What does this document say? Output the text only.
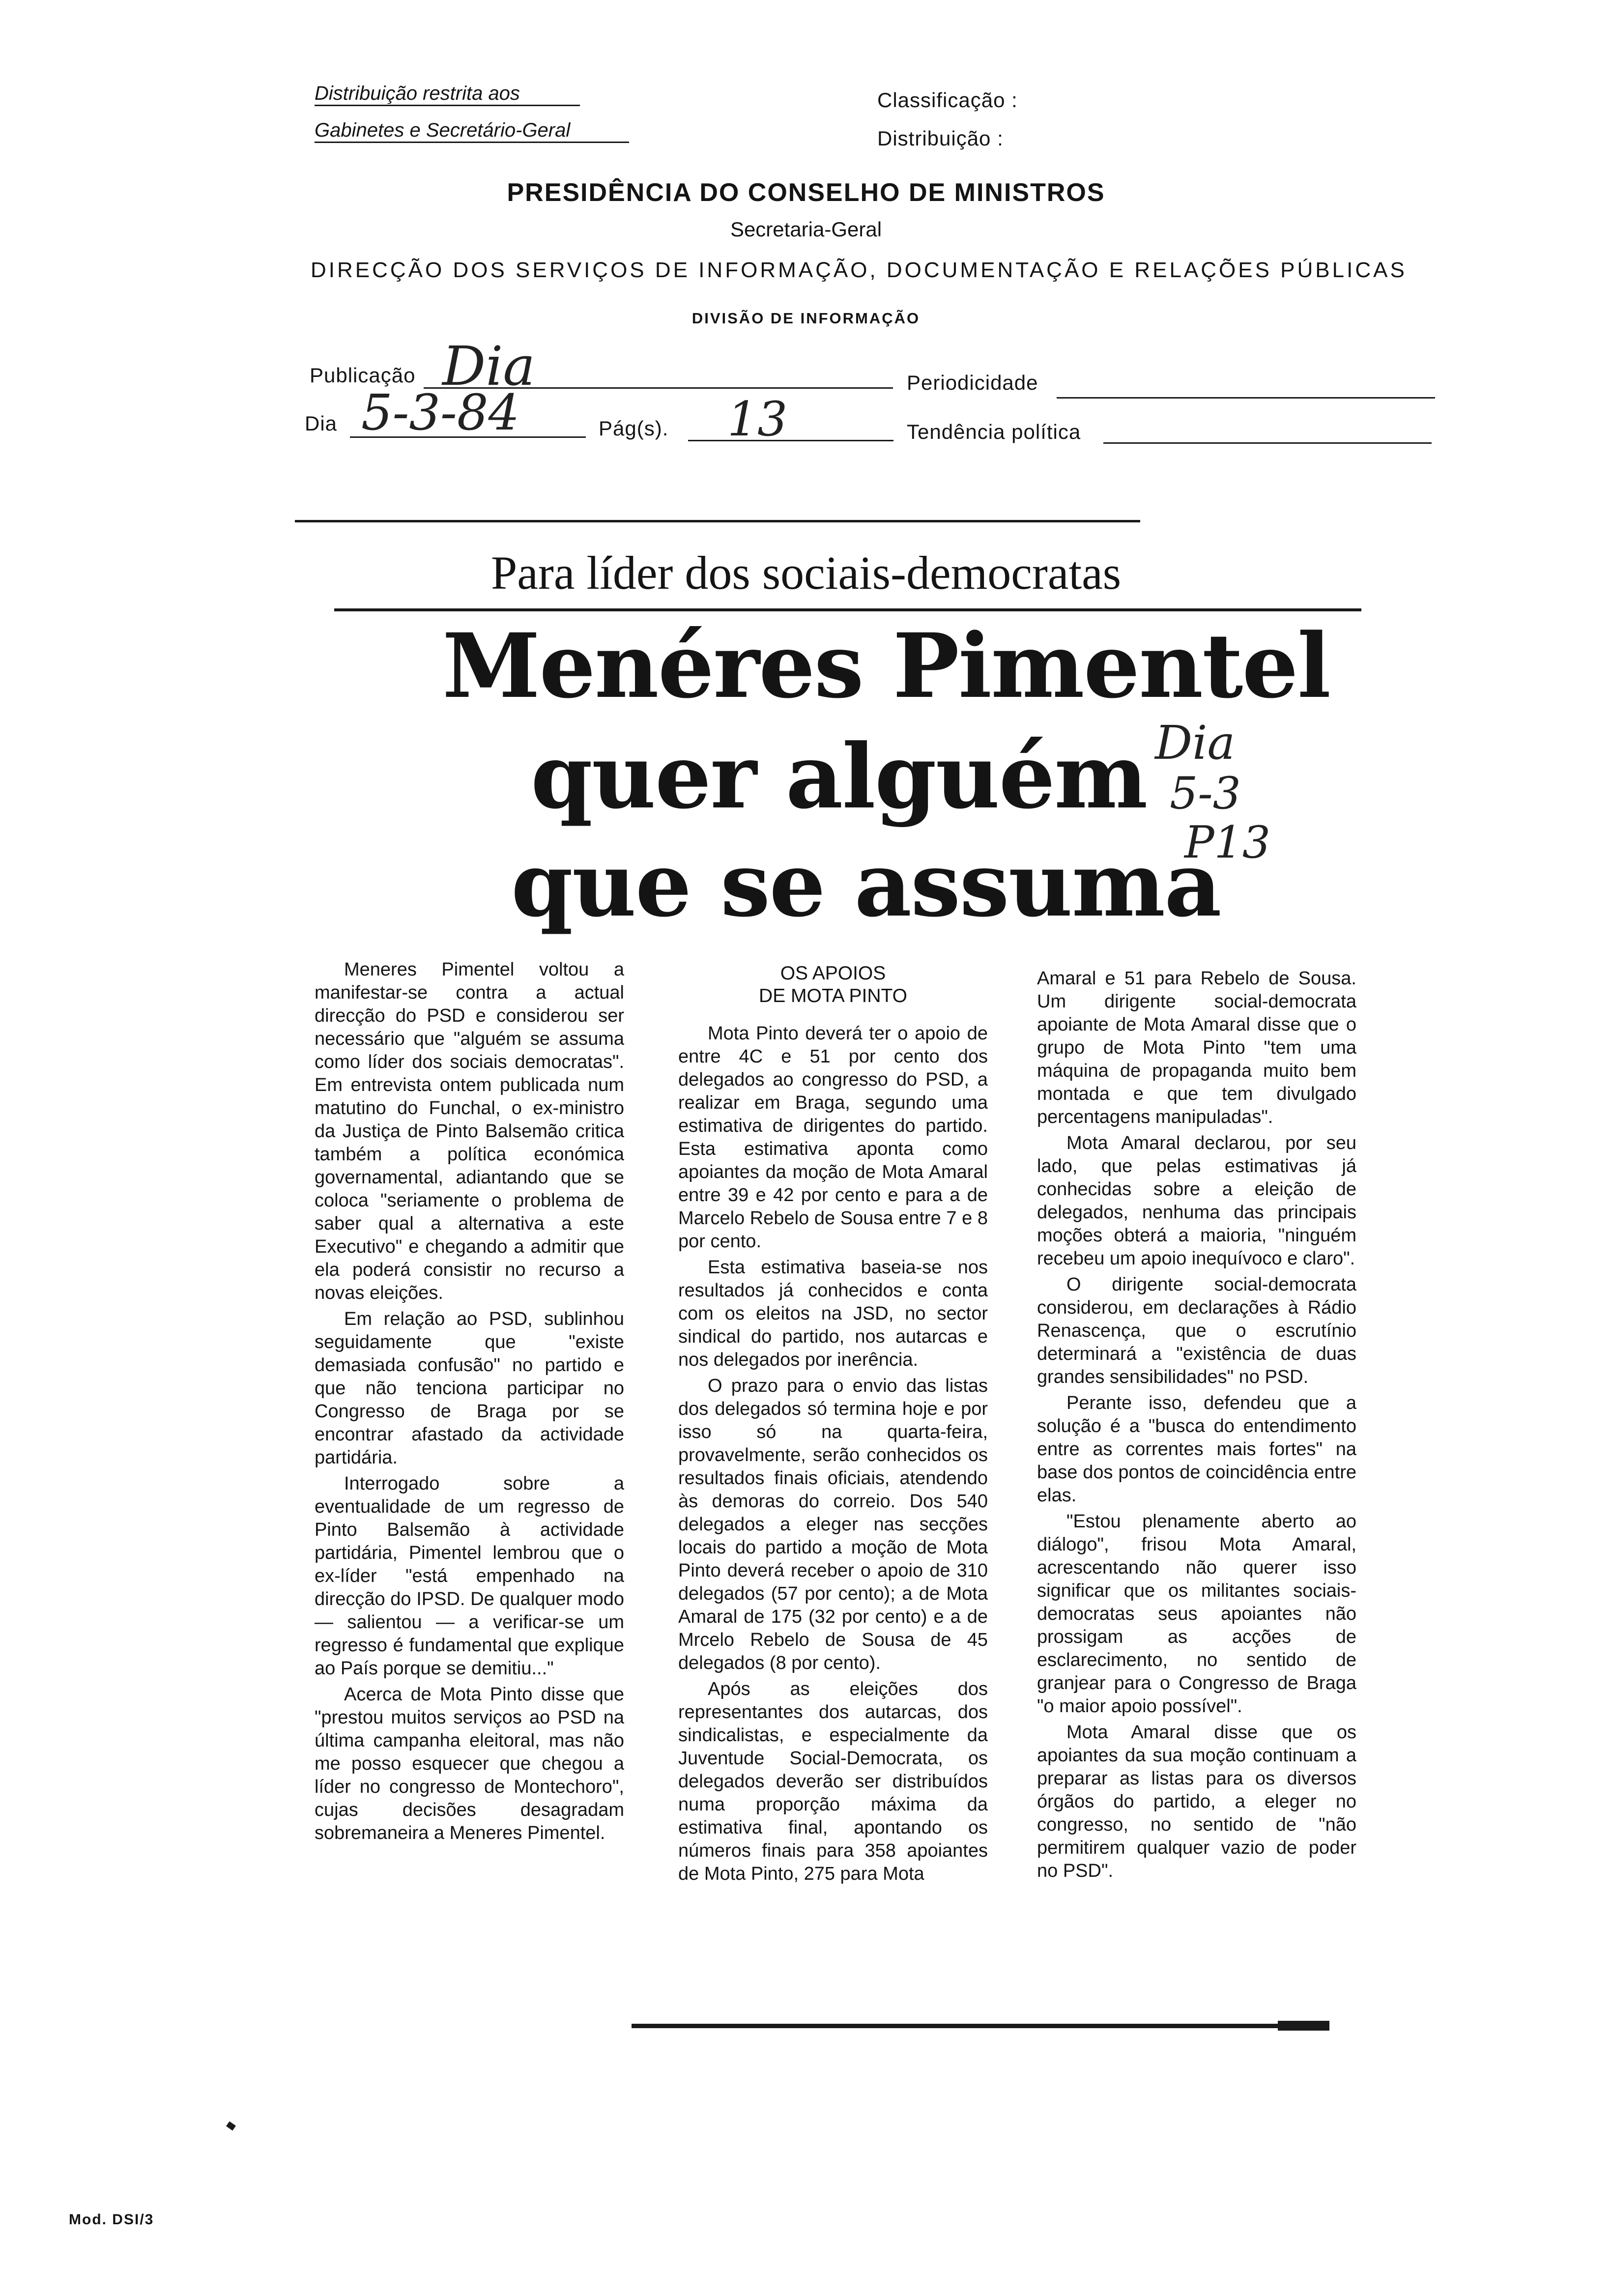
Distribuição restrita aos
Gabinetes e Secretário-Geral
Classificação :
Distribuição :
PRESIDÊNCIA DO CONSELHO DE MINISTROS
Secretaria-Geral
DIRECÇÃO DOS SERVIÇOS DE INFORMAÇÃO, DOCUMENTAÇÃO E RELAÇÕES PÚBLICAS
DIVISÃO DE INFORMAÇÃO
Publicação Dia	Periodicidade
Dia 5-3-84	Pág(s). 13	Tendência política
Para líder dos sociais-democratas
Menéres Pimentel
quer alguém
que se assuma
Dia
5-3
P13

Meneres Pimentel voltou a manifestar-se contra a actual direcção do PSD e considerou ser necessário que "alguém se assuma como líder dos sociais democratas". Em entrevista ontem publicada num matutino do Funchal, o ex-ministro da Justiça de Pinto Balsemão critica também a política económica governamental, adiantando que se coloca "seriamente o problema de saber qual a alternativa a este Executivo" e chegando a admitir que ela poderá consistir no recurso a novas eleições.

Em relação ao PSD, sublinhou seguidamente que "existe demasiada confusão" no partido e que não tenciona participar no Congresso de Braga por se encontrar afastado da actividade partidária.

Interrogado sobre a eventualidade de um regresso de Pinto Balsemão à actividade partidária, Pimentel lembrou que o ex-líder "está empenhado na direcção do IPSD. De qualquer modo — salientou — a verificar-se um regresso é fundamental que explique ao País porque se demitiu..."

Acerca de Mota Pinto disse que "prestou muitos serviços ao PSD na última campanha eleitoral, mas não me posso esquecer que chegou a líder no congresso de Montechoro", cujas decisões desagradam sobremaneira a Meneres Pimentel.

OS APOIOS
DE MOTA PINTO

Mota Pinto deverá ter o apoio de entre 4C e 51 por cento dos delegados ao congresso do PSD, a realizar em Braga, segundo uma estimativa de dirigentes do partido. Esta estimativa aponta como apoiantes da moção de Mota Amaral entre 39 e 42 por cento e para a de Marcelo Rebelo de Sousa entre 7 e 8 por cento.

Esta estimativa baseia-se nos resultados já conhecidos e conta com os eleitos na JSD, no sector sindical do partido, nos autarcas e nos delegados por inerência.

O prazo para o envio das listas dos delegados só termina hoje e por isso só na quarta-feira, provavelmente, serão conhecidos os resultados finais oficiais, atendendo às demoras do correio. Dos 540 delegados a eleger nas secções locais do partido a moção de Mota Pinto deverá receber o apoio de 310 delegados (57 por cento); a de Mota Amaral de 175 (32 por cento) e a de Mrcelo Rebelo de Sousa de 45 delegados (8 por cento).

Após as eleições dos representantes dos autarcas, dos sindicalistas, e especialmente da Juventude Social-Democrata, os delegados deverão ser distribuídos numa proporção máxima da estimativa final, apontando os números finais para 358 apoiantes de Mota Pinto, 275 para Mota

Amaral e 51 para Rebelo de Sousa. Um dirigente social-democrata apoiante de Mota Amaral disse que o grupo de Mota Pinto "tem uma máquina de propaganda muito bem montada e que tem divulgado percentagens manipuladas".

Mota Amaral declarou, por seu lado, que pelas estimativas já conhecidas sobre a eleição de delegados, nenhuma das principais moções obterá a maioria, "ninguém recebeu um apoio inequívoco e claro".

O dirigente social-democrata considerou, em declarações à Rádio Renascença, que o escrutínio determinará a "existência de duas grandes sensibilidades" no PSD.

Perante isso, defendeu que a solução é a "busca do entendimento entre as correntes mais fortes" na base dos pontos de coincidência entre elas.

"Estou plenamente aberto ao diálogo", frisou Mota Amaral, acrescentando não querer isso significar que os militantes sociais-democratas seus apoiantes não prossigam as acções de esclarecimento, no sentido de granjear para o Congresso de Braga "o maior apoio possível".

Mota Amaral disse que os apoiantes da sua moção continuam a preparar as listas para os diversos órgãos do partido, a eleger no congresso, no sentido de "não permitirem qualquer vazio de poder no PSD".

Mod. DSI/3
